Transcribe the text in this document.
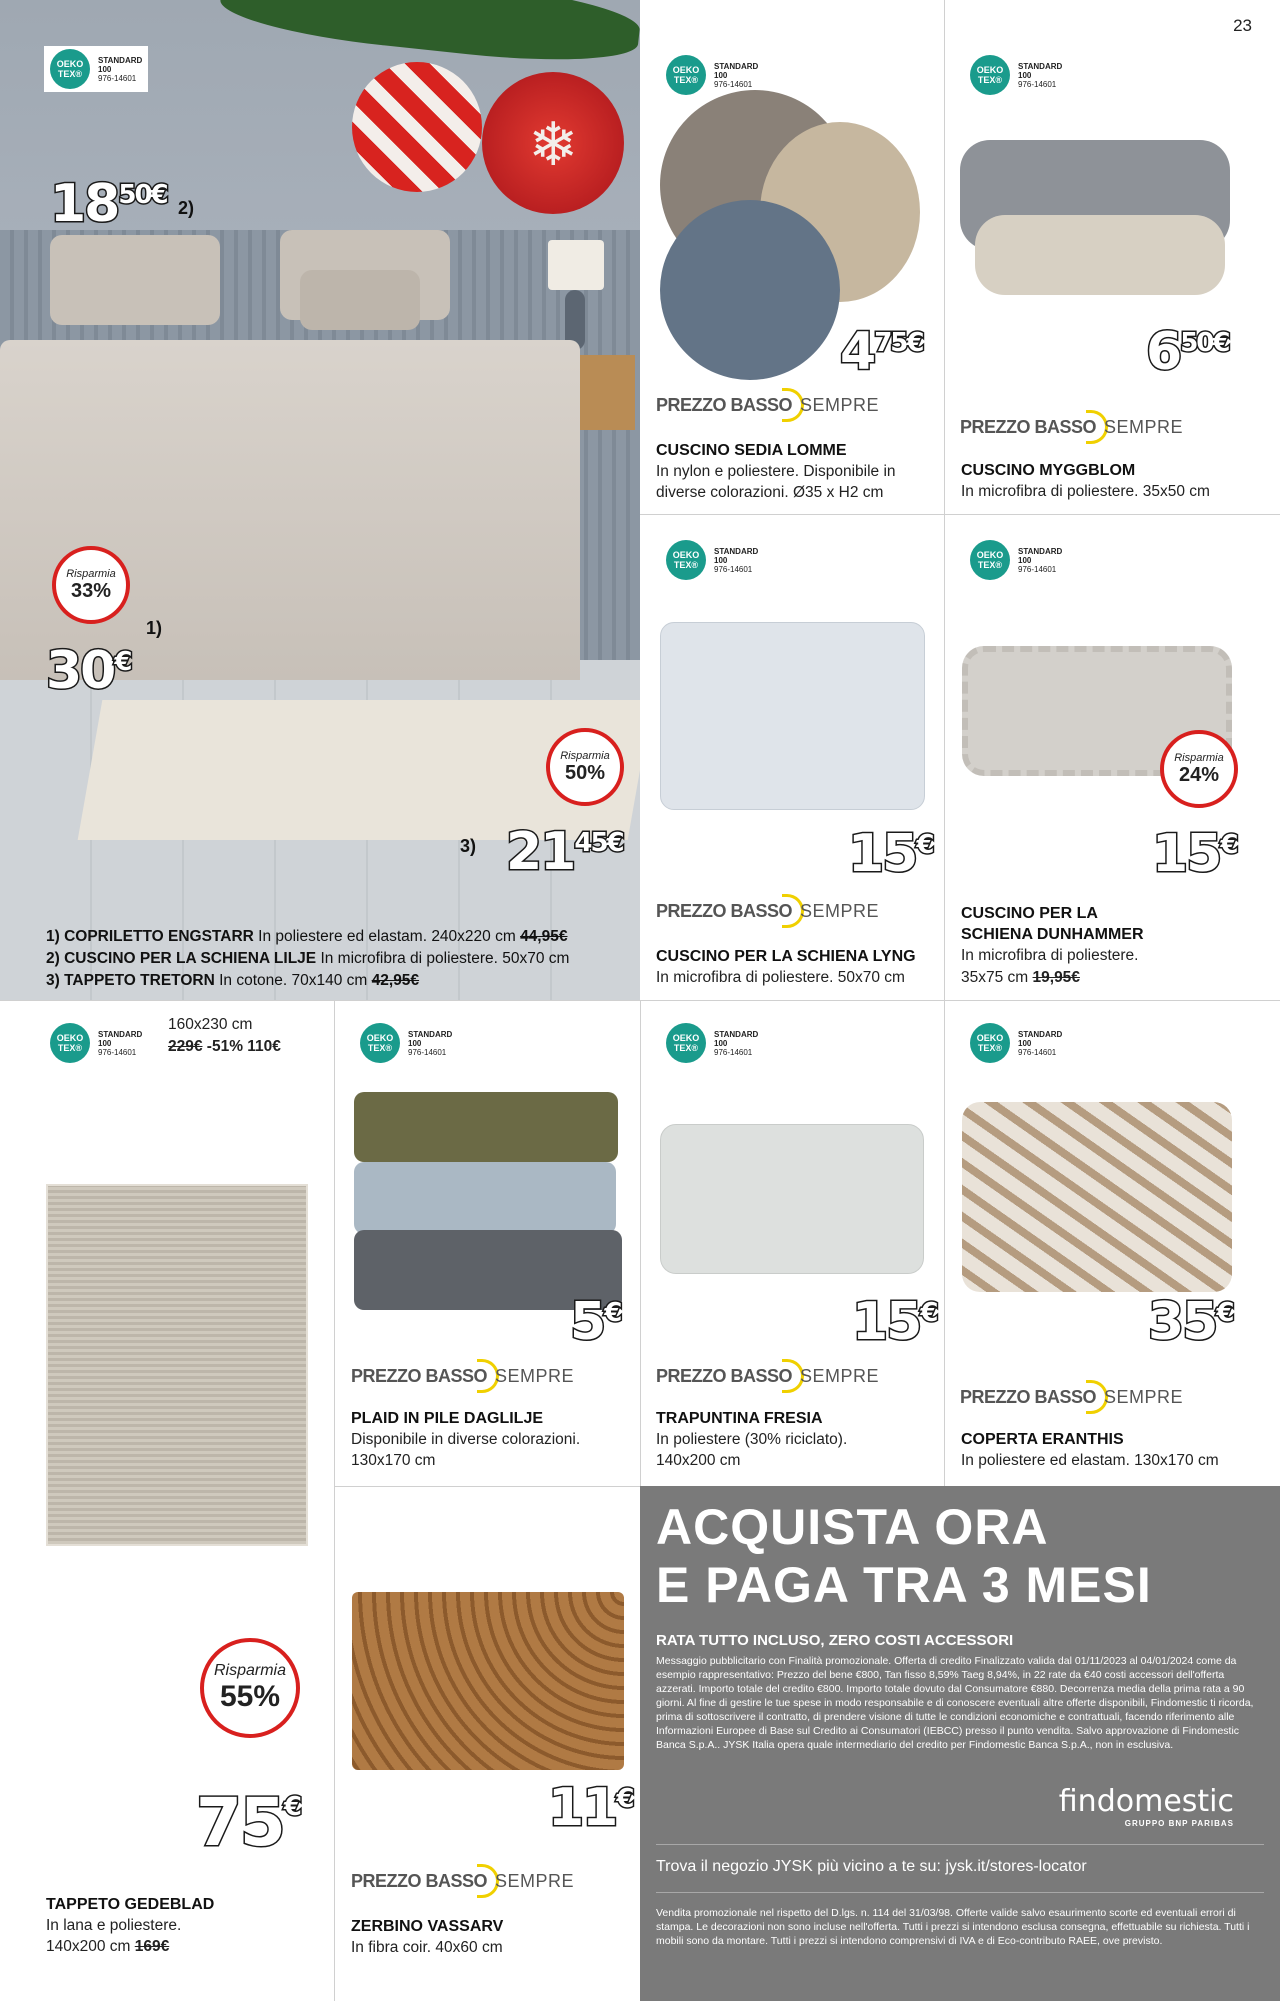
23
❄
OEKO TEX®
STANDARD
100
976-14601
1850€ 2)
Risparmia
33%
30€
1)
Risparmia
50%
3) 2145€
1) COPRILETTO ENGSTARR In poliestere ed elastam. 240x220 cm 44,95€
2) CUSCINO PER LA SCHIENA LILJE In microfibra di poliestere. 50x70 cm
3) TAPPETO TRETORN In cotone. 70x140 cm 42,95€
OEKO TEX®
STANDARD
100
976-14601
475€
PREZZO BASSO SEMPRE
CUSCINO SEDIA LOMME
In nylon e poliestere. Disponibile in
diverse colorazioni. Ø35 x H2 cm
OEKO TEX®
STANDARD
100
976-14601
650€
PREZZO BASSO SEMPRE
CUSCINO MYGGBLOM
In microfibra di poliestere. 35x50 cm
OEKO TEX®
STANDARD
100
976-14601
15€
PREZZO BASSO SEMPRE
CUSCINO PER LA SCHIENA LYNG
In microfibra di poliestere. 50x70 cm
OEKO TEX®
STANDARD
100
976-14601
Risparmia
24%
15€
CUSCINO PER LA
SCHIENA DUNHAMMER
In microfibra di poliestere.
35x75 cm 19,95€
OEKO TEX®
STANDARD
100
976-14601
160x230 cm
229€ -51% 110€
Risparmia
55%
75€
TAPPETO GEDEBLAD
In lana e poliestere.
140x200 cm 169€
OEKO TEX®
STANDARD
100
976-14601
5€
PREZZO BASSO SEMPRE
PLAID IN PILE DAGLILJE
Disponibile in diverse colorazioni.
130x170 cm
OEKO TEX®
STANDARD
100
976-14601
15€
PREZZO BASSO SEMPRE
TRAPUNTINA FRESIA
In poliestere (30% riciclato).
140x200 cm
OEKO TEX®
STANDARD
100
976-14601
35€
PREZZO BASSO SEMPRE
COPERTA ERANTHIS
In poliestere ed elastam. 130x170 cm
11€
PREZZO BASSO SEMPRE
ZERBINO VASSARV
In fibra coir. 40x60 cm
ACQUISTA ORA
E PAGA TRA 3 MESI
RATA TUTTO INCLUSO, ZERO COSTI ACCESSORI
Messaggio pubblicitario con Finalità promozionale. Offerta di credito Finalizzato valida dal 01/11/2023 al 04/01/2024 come da esempio rappresentativo: Prezzo del bene €800, Tan fisso 8,59% Taeg 8,94%, in 22 rate da €40 costi accessori dell'offerta azzerati. Importo totale del credito €800. Importo totale dovuto dal Consumatore €880. Decorrenza media della prima rata a 90 giorni. Al fine di gestire le tue spese in modo responsabile e di conoscere eventuali altre offerte disponibili, Findomestic ti ricorda, prima di sottoscrivere il contratto, di prendere visione di tutte le condizioni economiche e contrattuali, facendo riferimento alle Informazioni Europee di Base sul Credito ai Consumatori (IEBCC) presso il punto vendita. Salvo approvazione di Findomestic Banca S.p.A.. JYSK Italia opera quale intermediario del credito per Findomestic Banca S.p.A., non in esclusiva.
findomestic
GRUPPO BNP PARIBAS
Trova il negozio JYSK più vicino a te su: jysk.it/stores-locator
Vendita promozionale nel rispetto del D.lgs. n. 114 del 31/03/98. Offerte valide salvo esaurimento scorte ed eventuali errori di stampa. Le decorazioni non sono incluse nell'offerta. Tutti i prezzi si intendono esclusa consegna, effettuabile su richiesta. Tutti i mobili sono da montare. Tutti i prezzi si intendono comprensivi di IVA e di Eco-contributo RAEE, ove previsto.
